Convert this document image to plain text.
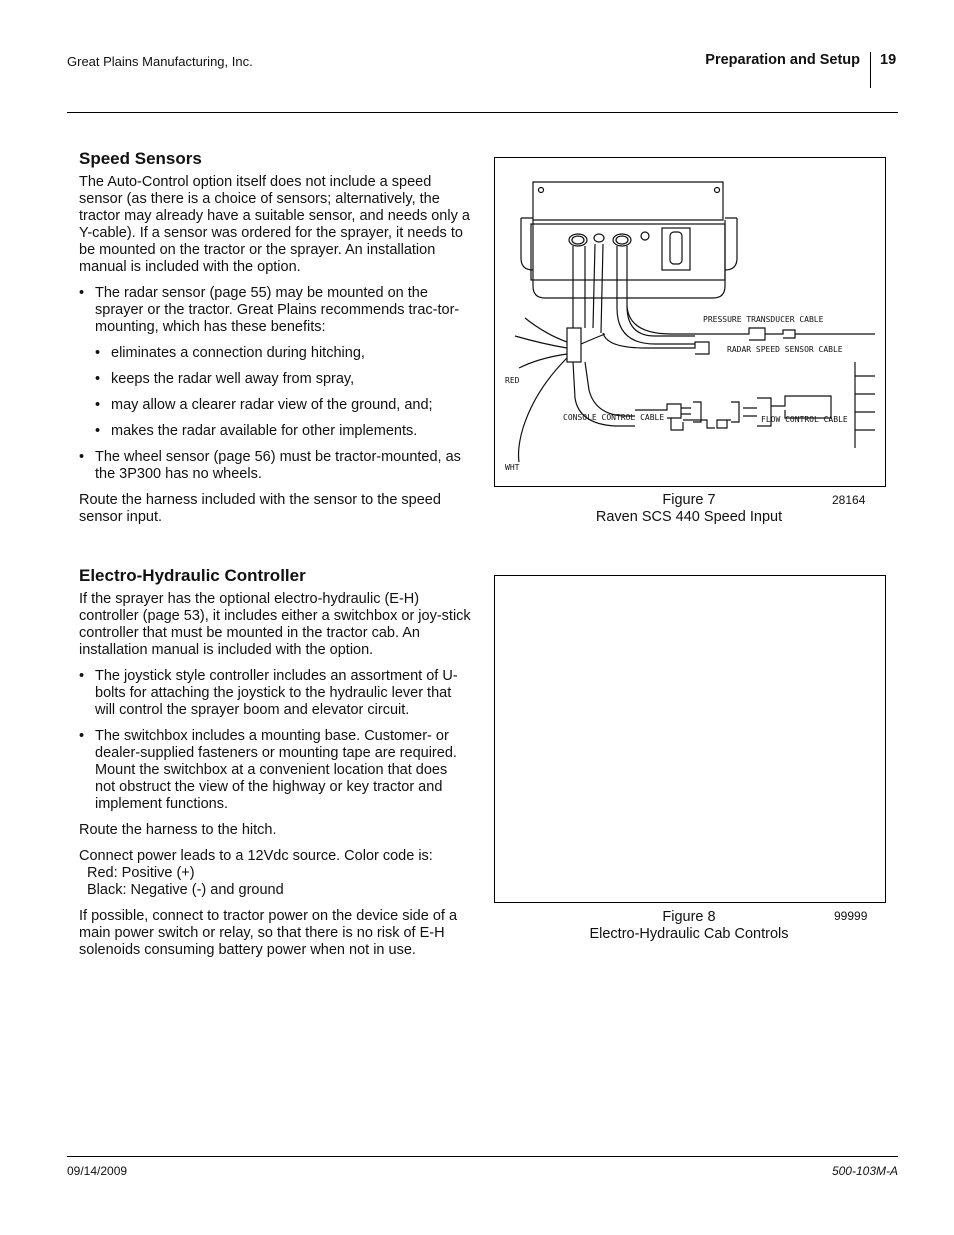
Great Plains Manufacturing, Inc.	Preparation and Setup 19
Speed Sensors

The Auto-Control option itself does not include a speed sensor (as there is a choice of sensors; alternatively, the tractor may already have a suitable sensor, and needs only a Y-cable). If a sensor was ordered for the sprayer, it needs to be mounted on the tractor or the sprayer. An installation manual is included with the option.

• The radar sensor (page 55) may be mounted on the sprayer or the tractor. Great Plains recommends trac-tor-mounting, which has these benefits:
• eliminates a connection during hitching,
• keeps the radar well away from spray,
• may allow a clearer radar view of the ground, and;
• makes the radar available for other implements.
• The wheel sensor (page 56) must be tractor-mounted, as the 3P300 has no wheels.

Route the harness included with the sensor to the speed sensor input.

Electro-Hydraulic Controller

If the sprayer has the optional electro-hydraulic (E-H) controller (page 53), it includes either a switchbox or joy-stick controller that must be mounted in the tractor cab. An installation manual is included with the option.

• The joystick style controller includes an assortment of U-bolts for attaching the joystick to the hydraulic lever that will control the sprayer boom and elevator circuit.
• The switchbox includes a mounting base. Customer- or dealer-supplied fasteners or mounting tape are required. Mount the switchbox at a convenient location that does not obstruct the view of the highway or key tractor and implement functions.

Route the harness to the hitch.

Connect power leads to a 12Vdc source. Color code is:
Red: Positive (+)
Black: Negative (-) and ground

If possible, connect to tractor power on the device side of a main power switch or relay, so that there is no risk of E-H solenoids consuming battery power when not in use.

PRESSURE TRANSDUCER CABLE
RADAR SPEED SENSOR CABLE
CONSOLE CONTROL CABLE	FLOW CONTROL CABLE
RED
WHT
Figure 7
Raven SCS 440 Speed Input
28164
Figure 8
Electro-Hydraulic Cab Controls
99999
09/14/2009	500-103M-A
